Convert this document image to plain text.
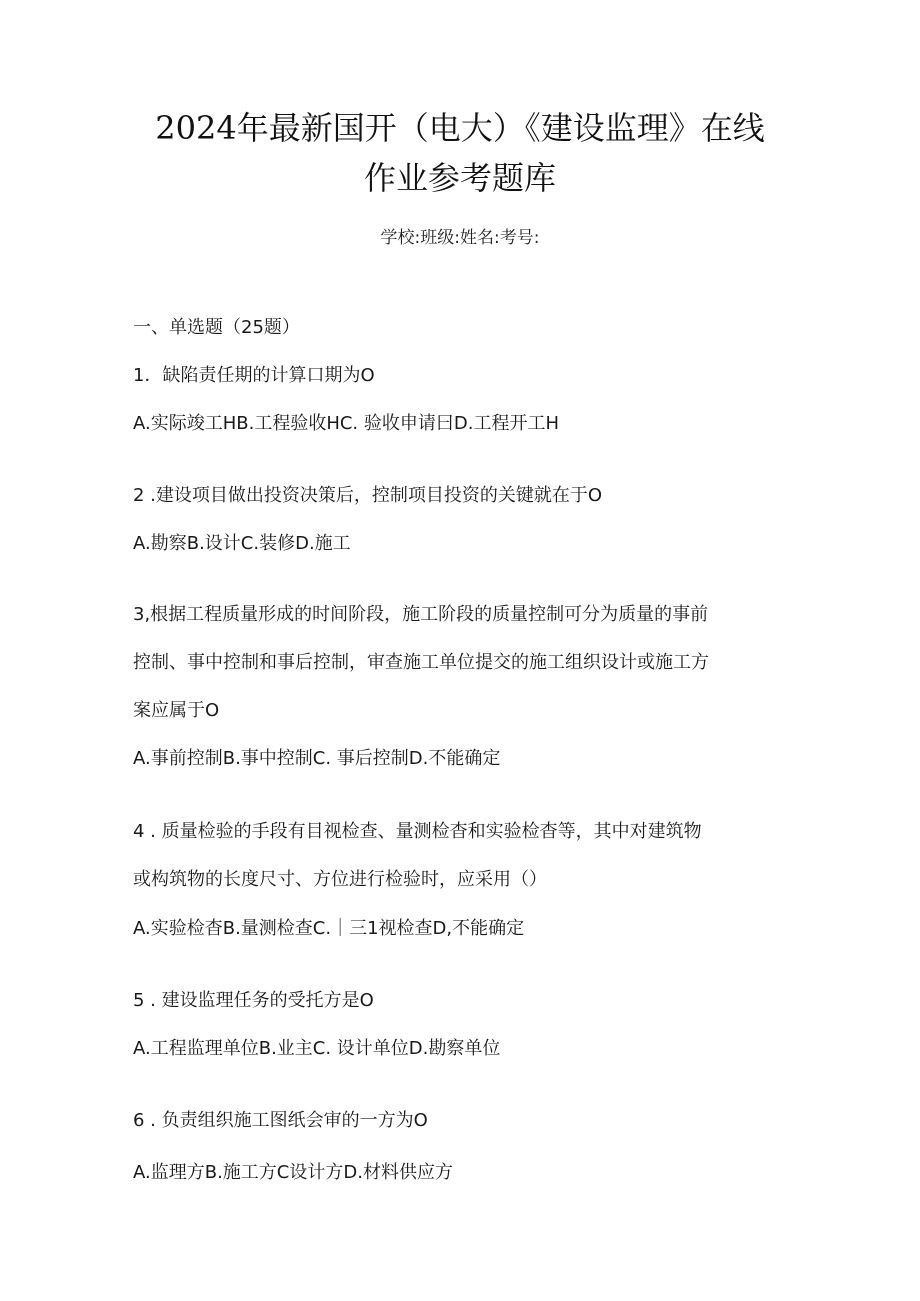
2024年最新国开（电大）《建设监理》在线
作业参考题库
学校:班级:姓名:考号:
一、单选题（25题）
1．缺陷责任期的计算口期为O
A.实际竣工HB.工程验收HC. 验收申请曰D.工程开工H
2 .建设项目做出投资决策后，控制项目投资的关键就在于O
A.勘察B.设计C.装修D.施工
3,根据工程质量形成的时间阶段，施工阶段的质量控制可分为质量的事前
控制、事中控制和事后控制，审查施工单位提交的施工组织设计或施工方
案应属于O
A.事前控制B.事中控制C. 事后控制D.不能确定
4 . 质量检验的手段有目视检查、量测检杳和实验检杳等，其中对建筑物
或构筑物的长度尺寸、方位进行检验时，应采用（）
A.实验检杳B.量测检查C.｜三1视检查D,不能确定
5 . 建设监理任务的受托方是O
A.工程监理单位B.业主C. 设计单位D.勘察单位
6 . 负责组织施工图纸会审的一方为O
A.监理方B.施工方C设计方D.材料供应方
